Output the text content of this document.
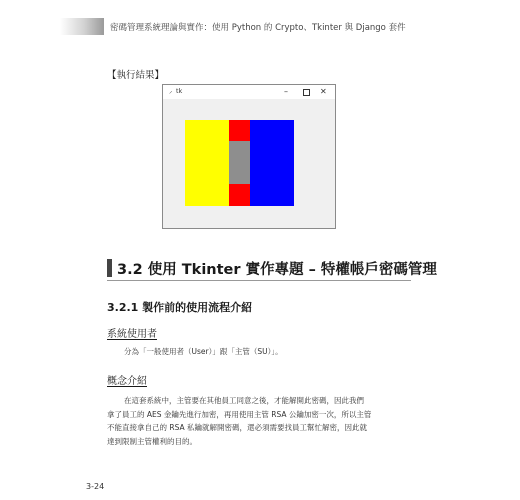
密碼管理系統理論與實作：使用 Python 的 Crypto、Tkinter 與 Django 套件
【執行結果】
⸝ tk	–	✕
3.2 使用 Tkinter 實作專題 – 特權帳戶密碼管理
3.2.1 製作前的使用流程介紹
系統使用者
分為「一般使用者（User）」跟「主管（SU）」。
概念介紹
在這套系統中，主管要在其他員工同意之後，才能解開此密碼，因此我們
拿了員工的 AES 金鑰先進行加密，再用使用主管 RSA 公鑰加密一次，所以主管
不能直接拿自己的 RSA 私鑰就解開密碼，還必須需要找員工幫忙解密，因此就
達到限制主管權利的目的。
3-24
